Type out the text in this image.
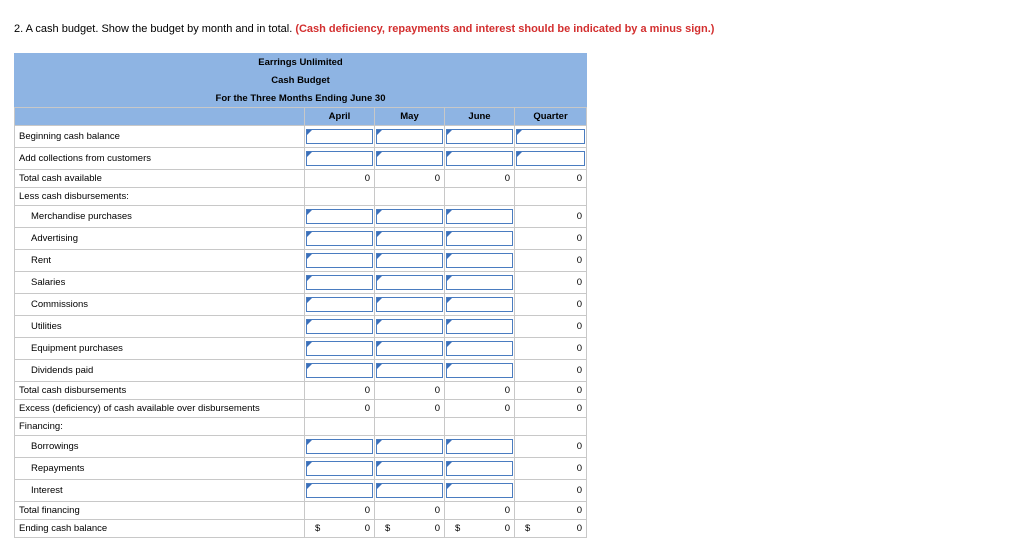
2. A cash budget. Show the budget by month and in total. (Cash deficiency, repayments and interest should be indicated by a minus sign.)
Earrings Unlimited				
Cash Budget				
For the Three Months Ending June 30				
	April	May	June	Quarter
Beginning cash balance	

Add collections from customers	

Total cash available	0	0	0	0
Less cash disbursements:				
Merchandise purchases				0
Advertising				0
Rent				0
Salaries				0
Commissions				0
Utilities				0
Equipment purchases				0
Dividends paid				0
Total cash disbursements	0	0	0	0
Excess (deficiency) of cash available over disbursements	0	0	0	0
Financing:				
Borrowings				0
Repayments				0
Interest				0
Total financing	0	0	0	0
Ending cash balance	$ 0	$ 0	$ 0	$ 0
